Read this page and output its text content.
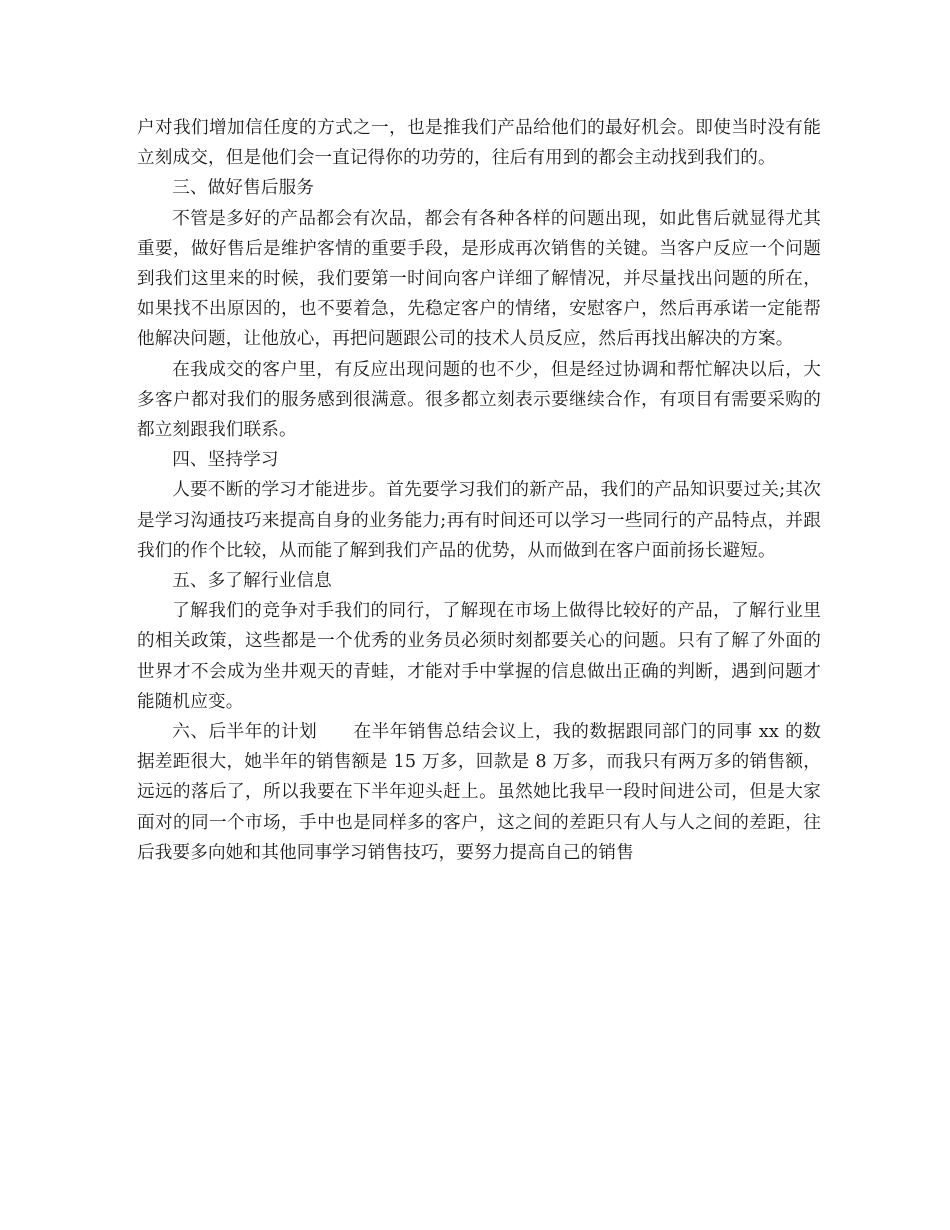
户对我们增加信任度的方式之一，也是推我们产品给他们的最好机会。即使当时没有能立刻成交，但是他们会一直记得你的功劳的，往后有用到的都会主动找到我们的。

三、做好售后服务

不管是多好的产品都会有次品，都会有各种各样的问题出现，如此售后就显得尤其重要，做好售后是维护客情的重要手段，是形成再次销售的关键。当客户反应一个问题到我们这里来的时候，我们要第一时间向客户详细了解情况，并尽量找出问题的所在，如果找不出原因的，也不要着急，先稳定客户的情绪，安慰客户，然后再承诺一定能帮他解决问题，让他放心，再把问题跟公司的技术人员反应，然后再找出解决的方案。

在我成交的客户里，有反应出现问题的也不少，但是经过协调和帮忙解决以后，大多客户都对我们的服务感到很满意。很多都立刻表示要继续合作，有项目有需要采购的都立刻跟我们联系。

四、坚持学习

人要不断的学习才能进步。首先要学习我们的新产品，我们的产品知识要过关;其次是学习沟通技巧来提高自身的业务能力;再有时间还可以学习一些同行的产品特点，并跟我们的作个比较，从而能了解到我们产品的优势，从而做到在客户面前扬长避短。

五、多了解行业信息

了解我们的竞争对手我们的同行，了解现在市场上做得比较好的产品，了解行业里的相关政策，这些都是一个优秀的业务员必须时刻都要关心的问题。只有了解了外面的世界才不会成为坐井观天的青蛙，才能对手中掌握的信息做出正确的判断，遇到问题才能随机应变。

六、后半年的计划　　在半年销售总结会议上，我的数据跟同部门的同事 xx 的数据差距很大，她半年的销售额是 15 万多，回款是 8 万多，而我只有两万多的销售额，远远的落后了，所以我要在下半年迎头赶上。虽然她比我早一段时间进公司，但是大家面对的同一个市场，手中也是同样多的客户，这之间的差距只有人与人之间的差距，往后我要多向她和其他同事学习销售技巧，要努力提高自己的销售
